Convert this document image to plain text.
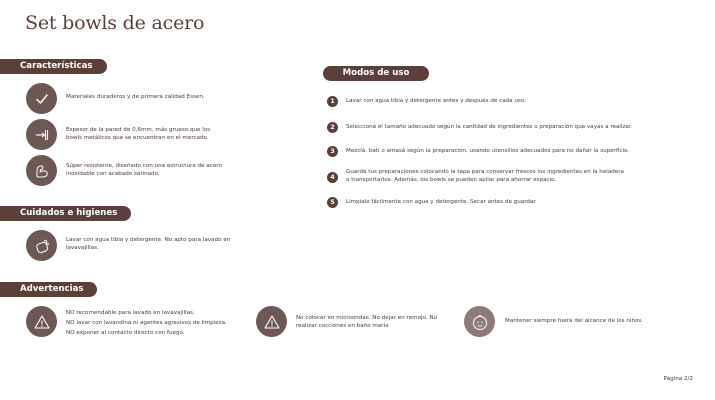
Set bowls de acero
Características
Materiales duraderos y de primera calidad Essen.
Espesor de la pared de 0,6mm, más grueso que los
bowls metálicos que se encuentran en el mercado.
Súper resistente, diseñado con una estructura de acero
inoxidable con acabado satinado.
Cuidados e higienes
Lavar con agua tibia y detergente. No apto para lavado en
lavavajillas.
Advertencias
NO recomendable para lavado en lavavajillas.
NO lavar con lavandina ni agentes agresivos de limpieza.
NO exponer al contacto directo con fuego.
No colocar en microondas. No dejar en remojo. No
realizar cocciones en baño maría
Mantener siempre fuera del alcance de los niños.
Modos de uso
1	Lavar con agua tibia y detergente antes y después de cada uso.
2	Seleccioná el tamaño adecuado según la cantidad de ingredientes o preparación que vayas a realizar.
3	Mezclá, batí o amasá según la preparación, usando utensilios adecuados para no dañar la superficie.
4
Guardá tus preparaciones colocando la tapa para conservar frescos los ingredientes en la heladera
o transportarlos. Además, los bowls se pueden apilar para ahorrar espacio.
5	Limpialo fácilmente con agua y detergente. Secar antes de guardar.
Página 2/2
